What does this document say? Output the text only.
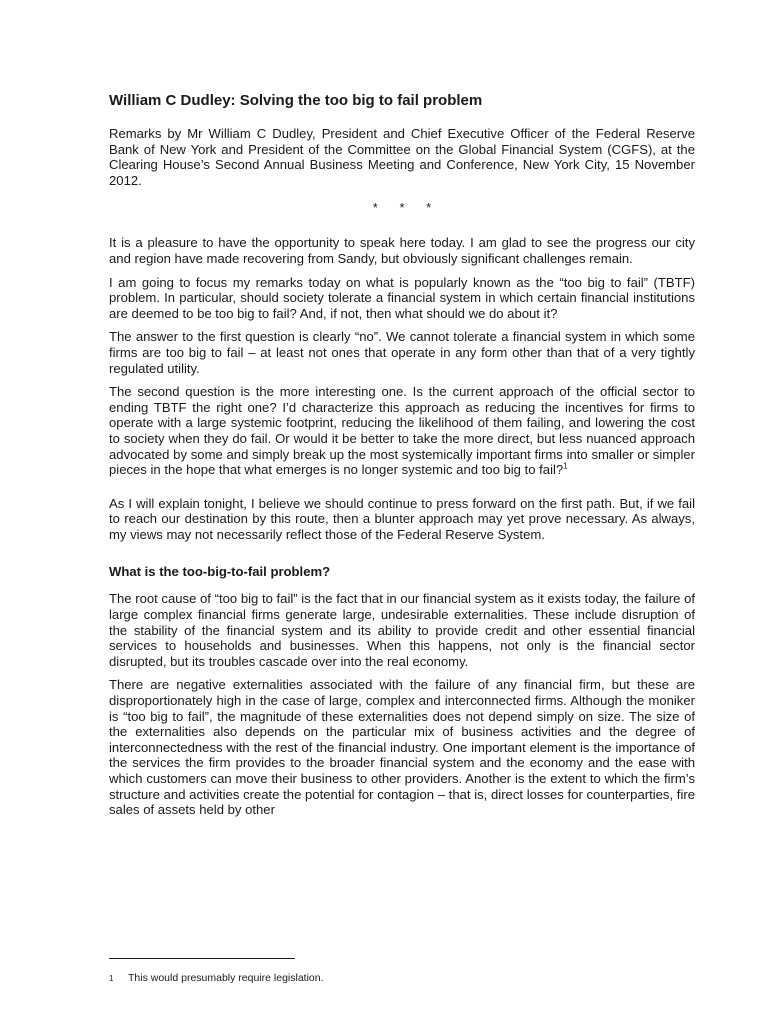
William C Dudley: Solving the too big to fail problem

Remarks by Mr William C Dudley, President and Chief Executive Officer of the Federal Reserve Bank of New York and President of the Committee on the Global Financial System (CGFS), at the Clearing House’s Second Annual Business Meeting and Conference, New York City, 15 November 2012.

* * *

It is a pleasure to have the opportunity to speak here today. I am glad to see the progress our city and region have made recovering from Sandy, but obviously significant challenges remain.

I am going to focus my remarks today on what is popularly known as the “too big to fail” (TBTF) problem. In particular, should society tolerate a financial system in which certain financial institutions are deemed to be too big to fail? And, if not, then what should we do about it?

The answer to the first question is clearly “no”. We cannot tolerate a financial system in which some firms are too big to fail – at least not ones that operate in any form other than that of a very tightly regulated utility.

The second question is the more interesting one. Is the current approach of the official sector to ending TBTF the right one? I’d characterize this approach as reducing the incentives for firms to operate with a large systemic footprint, reducing the likelihood of them failing, and lowering the cost to society when they do fail. Or would it be better to take the more direct, but less nuanced approach advocated by some and simply break up the most systemically important firms into smaller or simpler pieces in the hope that what emerges is no longer systemic and too big to fail?$^1$

As I will explain tonight, I believe we should continue to press forward on the first path. But, if we fail to reach our destination by this route, then a blunter approach may yet prove necessary. As always, my views may not necessarily reflect those of the Federal Reserve System.

What is the too-big-to-fail problem?

The root cause of “too big to fail” is the fact that in our financial system as it exists today, the failure of large complex financial firms generate large, undesirable externalities. These include disruption of the stability of the financial system and its ability to provide credit and other essential financial services to households and businesses. When this happens, not only is the financial sector disrupted, but its troubles cascade over into the real economy.

There are negative externalities associated with the failure of any financial firm, but these are disproportionately high in the case of large, complex and interconnected firms. Although the moniker is “too big to fail”, the magnitude of these externalities does not depend simply on size. The size of the externalities also depends on the particular mix of business activities and the degree of interconnectedness with the rest of the financial industry. One important element is the importance of the services the firm provides to the broader financial system and the economy and the ease with which customers can move their business to other providers. Another is the extent to which the firm’s structure and activities create the potential for contagion – that is, direct losses for counterparties, fire sales of assets held by other

1 This would presumably require legislation.
